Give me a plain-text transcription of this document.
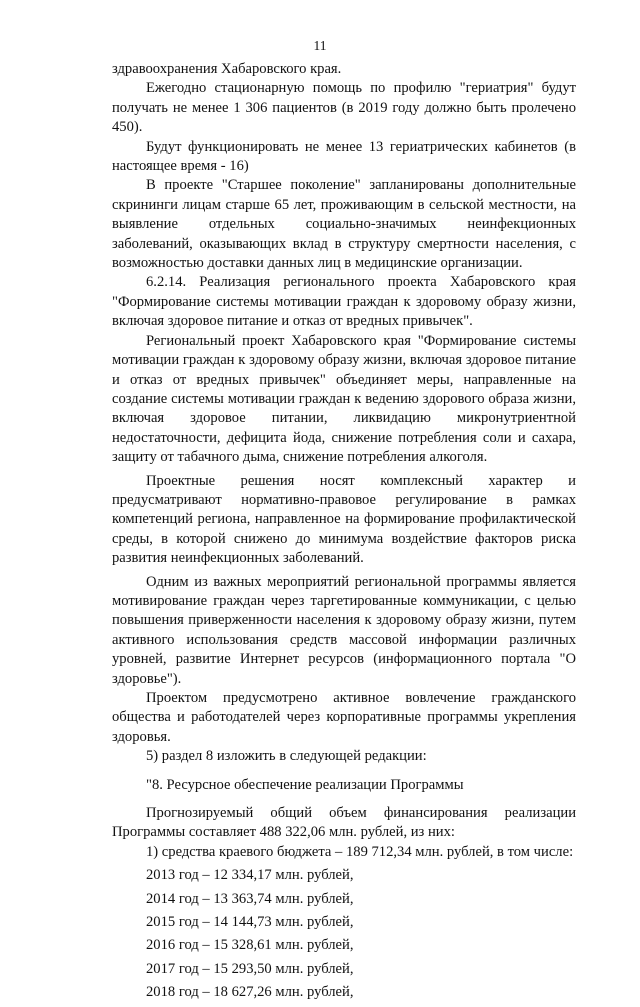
11

здравоохранения Хабаровского края.

Ежегодно стационарную помощь по профилю "гериатрия" будут получать не менее 1 306 пациентов (в 2019 году должно быть пролечено 450).

Будут функционировать не менее 13 гериатрических кабинетов (в настоящее время - 16)

В проекте "Старшее поколение" запланированы дополнительные скрининги лицам старше 65 лет, проживающим в сельской местности, на выявление отдельных социально-значимых неинфекционных заболеваний, оказывающих вклад в структуру смертности населения, с возможностью доставки данных лиц в медицинские организации.

6.2.14. Реализация регионального проекта Хабаровского края "Формирование системы мотивации граждан к здоровому образу жизни, включая здоровое питание и отказ от вредных привычек".

Региональный проект Хабаровского края "Формирование системы мотивации граждан к здоровому образу жизни, включая здоровое питание и отказ от вредных привычек" объединяет меры, направленные на создание системы мотивации граждан к ведению здорового образа жизни, включая здоровое питании, ликвидацию микронутриентной недостаточности, дефицита йода, снижение потребления соли и сахара, защиту от табачного дыма, снижение потребления алкоголя.

Проектные решения носят комплексный характер и предусматривают нормативно-правовое регулирование в рамках компетенций региона, направленное на формирование профилактической среды, в которой снижено до минимума воздействие факторов риска развития неинфекционных заболеваний.

Одним из важных мероприятий региональной программы является мотивирование граждан через таргетированные коммуникации, с целью повышения приверженности населения к здоровому образу жизни, путем активного использования средств массовой информации различных уровней, развитие Интернет ресурсов (информационного портала "О здоровье").

Проектом предусмотрено активное вовлечение гражданского общества и работодателей через корпоративные программы укрепления здоровья.

5) раздел 8 изложить в следующей редакции:

"8. Ресурсное обеспечение реализации Программы

Прогнозируемый общий объем финансирования реализации Программы составляет 488 322,06 млн. рублей, из них:

1) средства краевого бюджета – 189 712,34 млн. рублей, в том числе:

2013 год – 12 334,17 млн. рублей,

2014 год – 13 363,74 млн. рублей,

2015 год – 14 144,73 млн. рублей,

2016 год – 15 328,61 млн. рублей,

2017 год – 15 293,50 млн. рублей,

2018 год – 18 627,26 млн. рублей,
